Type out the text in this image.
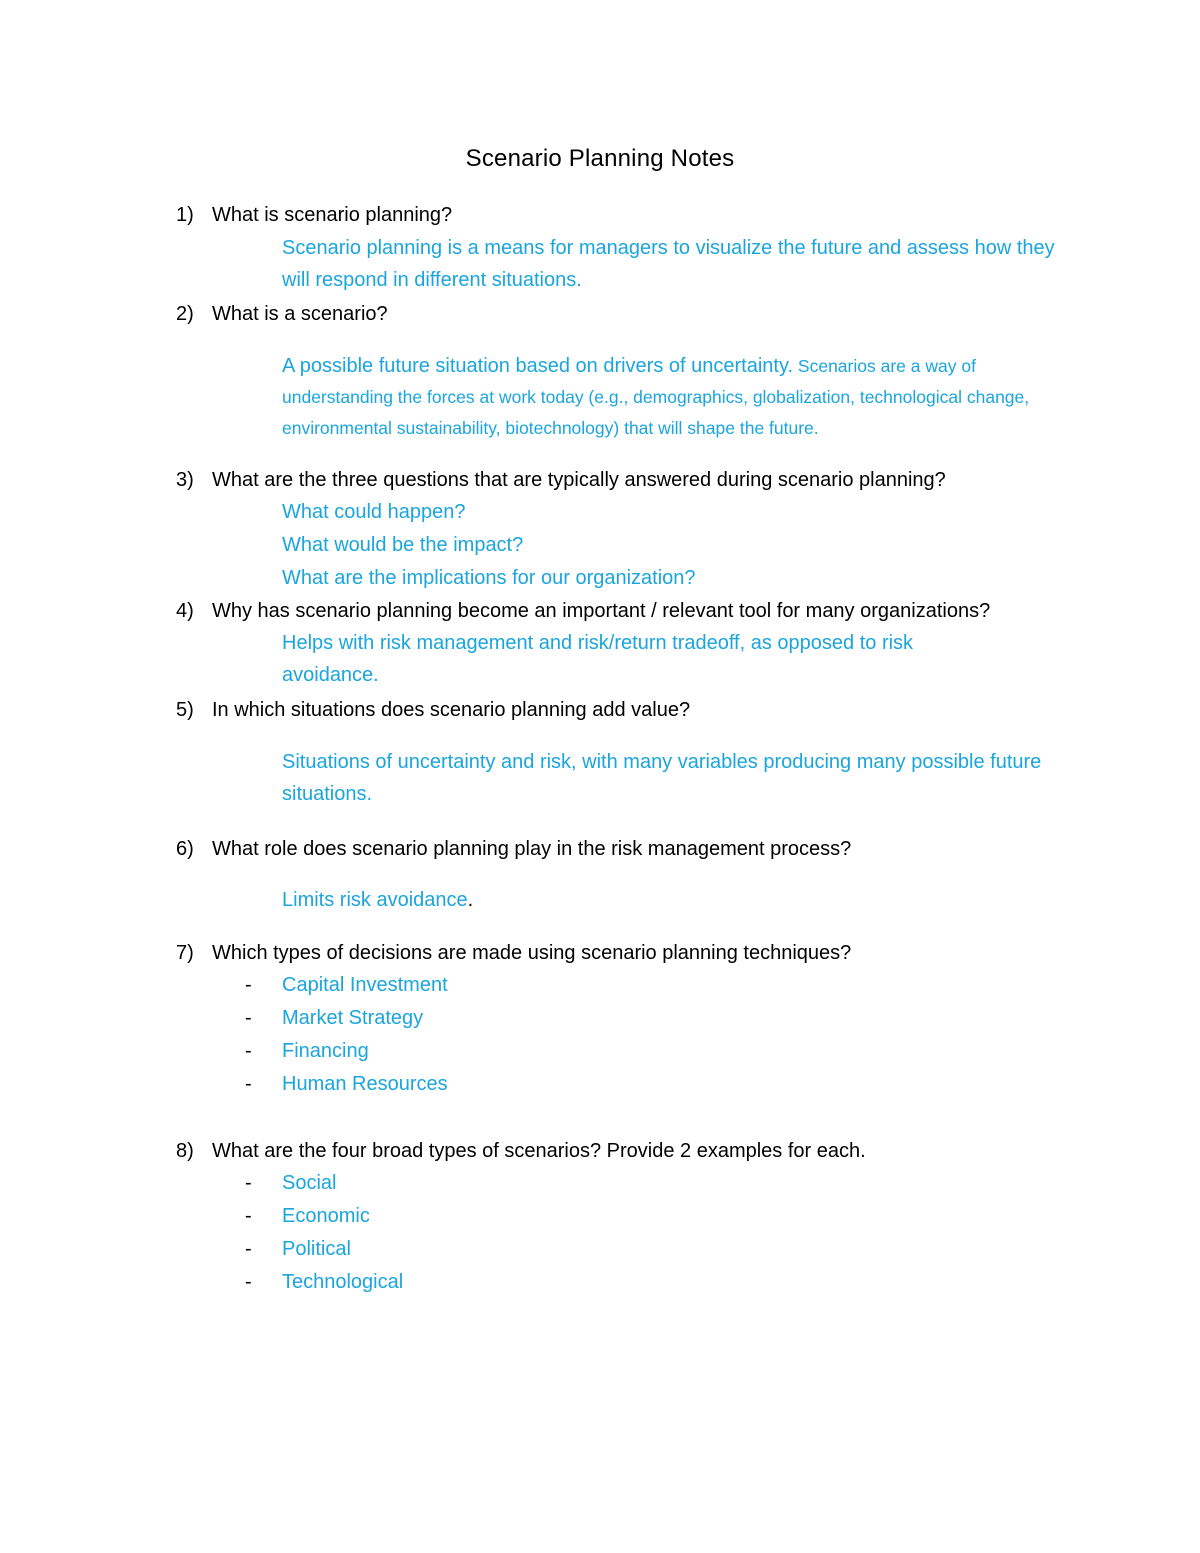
Scenario Planning Notes
1) What is scenario planning?
Scenario planning is a means for managers to visualize the future and assess how they will respond in different situations.
2) What is a scenario?
A possible future situation based on drivers of uncertainty. Scenarios are a way of understanding the forces at work today (e.g., demographics, globalization, technological change, environmental sustainability, biotechnology) that will shape the future.
3) What are the three questions that are typically answered during scenario planning?
What could happen?
What would be the impact?
What are the implications for our organization?
4) Why has scenario planning become an important / relevant tool for many organizations?
Helps with risk management and risk/return tradeoff, as opposed to risk avoidance.
5) In which situations does scenario planning add value?
Situations of uncertainty and risk, with many variables producing many possible future situations.
6) What role does scenario planning play in the risk management process?
Limits risk avoidance.
7) Which types of decisions are made using scenario planning techniques?
- Capital Investment
- Market Strategy
- Financing
- Human Resources
8) What are the four broad types of scenarios? Provide 2 examples for each.
- Social
- Economic
- Political
- Technological
